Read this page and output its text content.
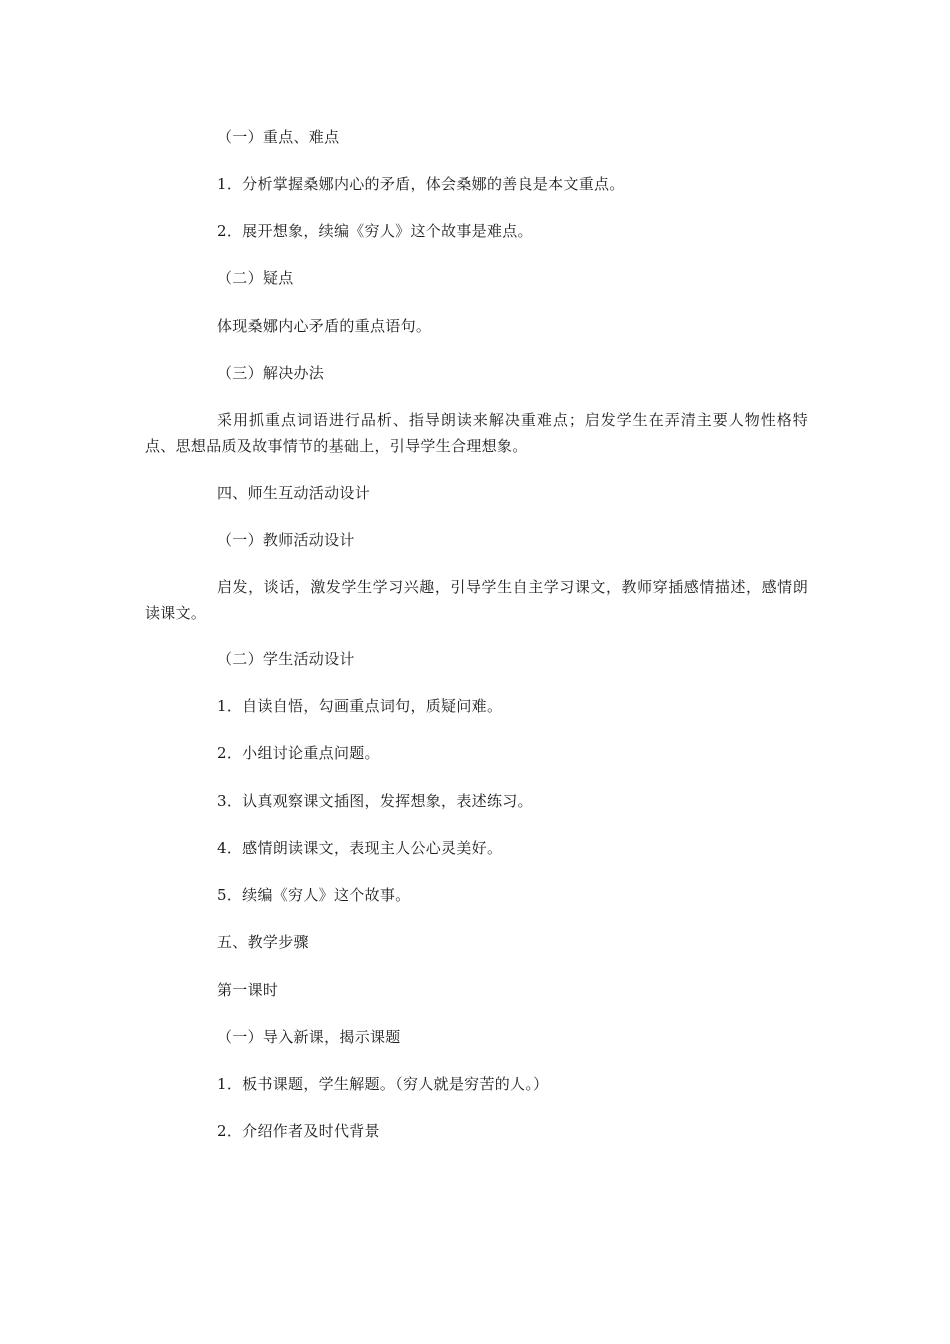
（一）重点、难点
1．分析掌握桑娜内心的矛盾，体会桑娜的善良是本文重点。
2．展开想象，续编《穷人》这个故事是难点。
（二）疑点
体现桑娜内心矛盾的重点语句。
（三）解决办法
采用抓重点词语进行品析、指导朗读来解决重难点；启发学生在弄清主要人物性格特点、思想品质及故事情节的基础上，引导学生合理想象。
四、师生互动活动设计
（一）教师活动设计
启发，谈话，激发学生学习兴趣，引导学生自主学习课文，教师穿插感情描述，感情朗读课文。
（二）学生活动设计
1．自读自悟，勾画重点词句，质疑问难。
2．小组讨论重点问题。
3．认真观察课文插图，发挥想象，表述练习。
4．感情朗读课文，表现主人公心灵美好。
5．续编《穷人》这个故事。
五、教学步骤
第一课时
（一）导入新课，揭示课题
1．板书课题，学生解题。（穷人就是穷苦的人。）
2．介绍作者及时代背景
